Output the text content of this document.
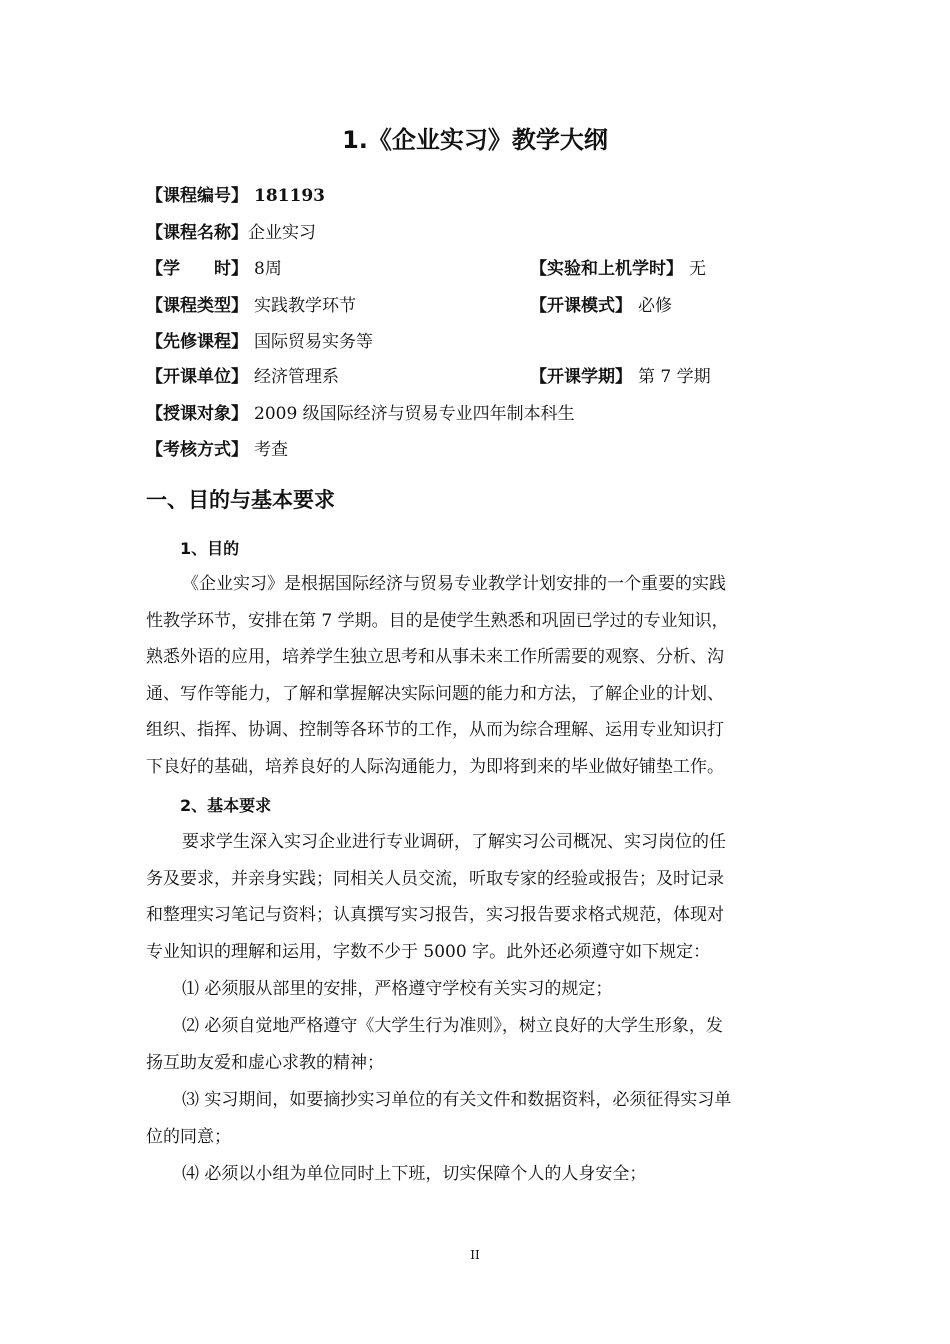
1.《企业实习》教学大纲
【课程编号】 181193
【课程名称】企业实习
【学　　时】 8周	【实验和上机学时】 无
【课程类型】 实践教学环节	【开课模式】 必修
【先修课程】 国际贸易实务等
【开课单位】 经济管理系	【开课学期】 第 7 学期
【授课对象】 2009 级国际经济与贸易专业四年制本科生
【考核方式】 考查
一、目的与基本要求
1、目的
《企业实习》是根据国际经济与贸易专业教学计划安排的一个重要的实践
性教学环节，安排在第 7 学期。目的是使学生熟悉和巩固已学过的专业知识，
熟悉外语的应用，培养学生独立思考和从事未来工作所需要的观察、分析、沟
通、写作等能力，了解和掌握解决实际问题的能力和方法，了解企业的计划、
组织、指挥、协调、控制等各环节的工作，从而为综合理解、运用专业知识打
下良好的基础，培养良好的人际沟通能力，为即将到来的毕业做好铺垫工作。
2、基本要求
要求学生深入实习企业进行专业调研，了解实习公司概况、实习岗位的任
务及要求，并亲身实践；同相关人员交流，听取专家的经验或报告；及时记录
和整理实习笔记与资料；认真撰写实习报告，实习报告要求格式规范，体现对
专业知识的理解和运用，字数不少于 5000 字。此外还必须遵守如下规定：
⑴ 必须服从部里的安排，严格遵守学校有关实习的规定；
⑵ 必须自觉地严格遵守《大学生行为准则》，树立良好的大学生形象，发
扬互助友爱和虚心求教的精神；
⑶ 实习期间，如要摘抄实习单位的有关文件和数据资料，必须征得实习单
位的同意；
⑷ 必须以小组为单位同时上下班，切实保障个人的人身安全；
II
